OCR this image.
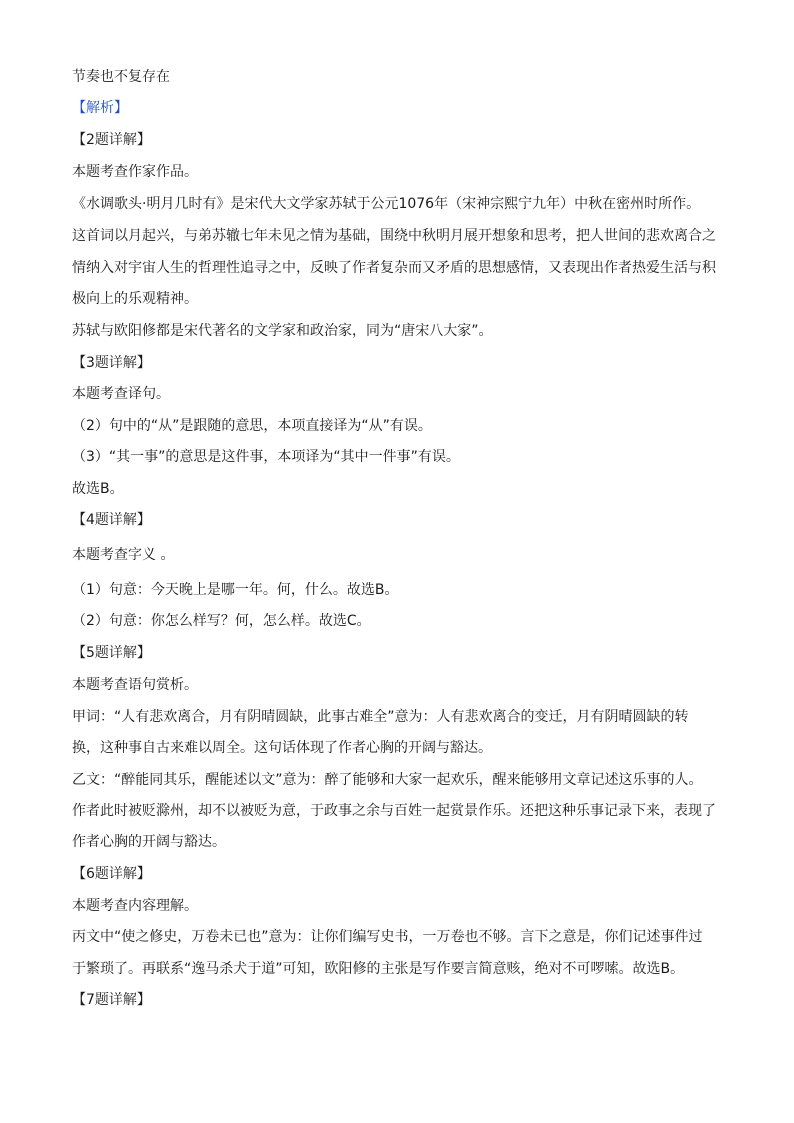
节奏也不复存在
【解析】
【2题详解】
本题考查作家作品。
《水调歌头·明月几时有》是宋代大文学家苏轼于公元1076年（宋神宗熙宁九年）中秋在密州时所作。
这首词以月起兴，与弟苏辙七年未见之情为基础，围绕中秋明月展开想象和思考，把人世间的悲欢离合之
情纳入对宇宙人生的哲理性追寻之中，反映了作者复杂而又矛盾的思想感情，又表现出作者热爱生活与积
极向上的乐观精神。
苏轼与欧阳修都是宋代著名的文学家和政治家，同为“唐宋八大家”。
【3题详解】
本题考查译句。
（2）句中的“从”是跟随的意思，本项直接译为“从”有误。
（3）“其一事”的意思是这件事，本项译为“其中一件事”有误。
故选B。
【4题详解】
本题考查字义 。
（1）句意：今天晚上是哪一年。何，什么。故选B。
（2）句意：你怎么样写？何，怎么样。故选C。
【5题详解】
本题考查语句赏析。
甲词：“人有悲欢离合，月有阴晴圆缺，此事古难全”意为：人有悲欢离合的变迁，月有阴晴圆缺的转
换，这种事自古来难以周全。这句话体现了作者心胸的开阔与豁达。
乙文：“醉能同其乐，醒能述以文”意为：醉了能够和大家一起欢乐，醒来能够用文章记述这乐事的人。
作者此时被贬滁州，却不以被贬为意，于政事之余与百姓一起赏景作乐。还把这种乐事记录下来，表现了
作者心胸的开阔与豁达。
【6题详解】
本题考查内容理解。
丙文中“使之修史，万卷未已也”意为：让你们编写史书，一万卷也不够。言下之意是，你们记述事件过
于繁琐了。再联系“逸马杀犬于道”可知，欧阳修的主张是写作要言简意赅，绝对不可啰嗦。故选B。
【7题详解】
